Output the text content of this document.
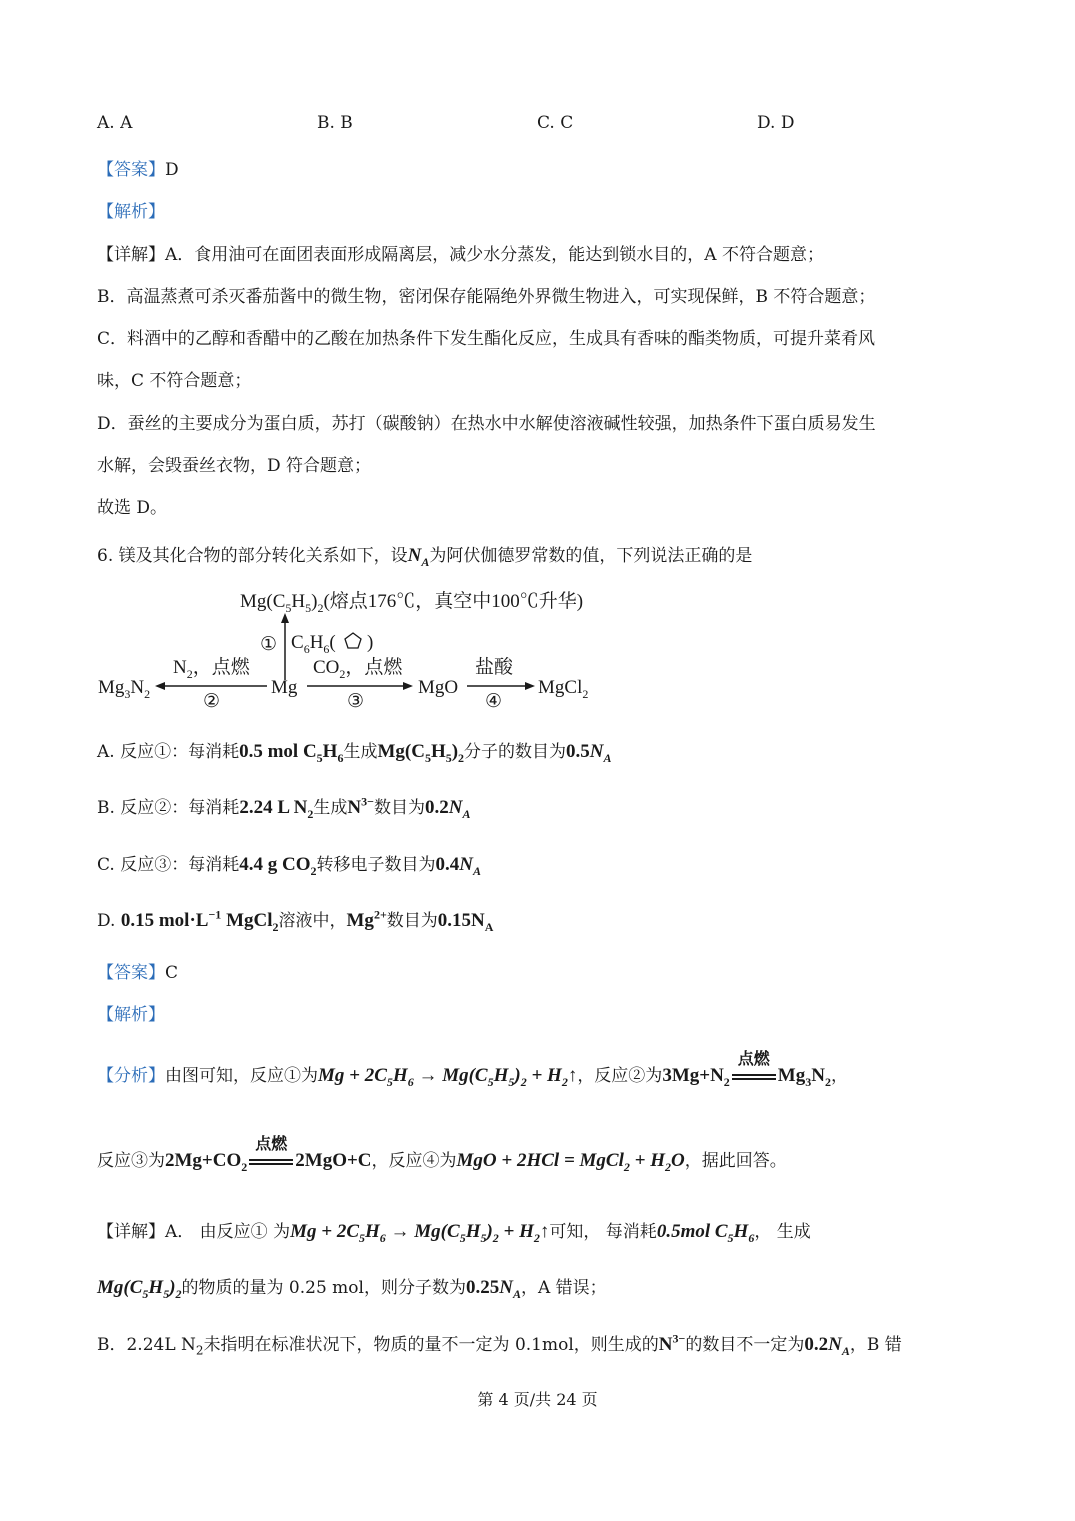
A. A	B. B	C. C	D. D
【答案】D
【解析】
【详解】A．食用油可在面团表面形成隔离层，减少水分蒸发，能达到锁水目的，A 不符合题意；
B．高温蒸煮可杀灭番茄酱中的微生物，密闭保存能隔绝外界微生物进入，可实现保鲜，B 不符合题意；
C．料酒中的乙醇和香醋中的乙酸在加热条件下发生酯化反应，生成具有香味的酯类物质，可提升菜肴风
味，C 不符合题意；
D．蚕丝的主要成分为蛋白质，苏打（碳酸钠）在热水中水解使溶液碱性较强，加热条件下蛋白质易发生
水解，会毁蚕丝衣物，D 符合题意；
故选 D。
6. 镁及其化合物的部分转化关系如下，设$N_A$为阿伏伽德罗常数的值，下列说法正确的是
$Mg(C_5H_5)_2$(熔点176℃，真空中100℃升华)
① $C_6H_6$( )
$Mg_3N_2$
$N_2$，点燃
②
Mg
$CO_2$，点燃
③
MgO
盐酸
④
MgCl$_2$
A. 反应①：每消耗0.5 mol $C_5H_6$生成$Mg(C_5H_5)_2$分子的数目为$0.5N_A$
B. 反应②：每消耗2.24 L $N_2$生成$N^{3-}$数目为$0.2N_A$
C. 反应③：每消耗4.4 g $CO_2$转移电子数目为$0.4N_A$
D. 0.15 $mol\cdot L^{-1}$ MgCl$_2$溶液中，$Mg^{2+}$数目为$0.15N_A$
【答案】C
【解析】
【分析】由图可知，反应①为$Mg + 2C_5H_6 \to Mg(C_5H_5)_2$ + $H_2↑$，反应②为$3Mg+N_2$
点燃
$Mg_3N_2$，
反应③为$2Mg+CO_2$
点燃
2MgO+C，反应④为MgO + 2HCl = MgCl$_2$ + $H_2O$，据此回答。
【详解】A． 由反应① 为$Mg + 2C_5H_6 \to Mg(C_5H_5)_2$ + $H_2↑$可知， 每消耗0.5mol $C_5H_6$， 生成
$Mg(C_5H_5)_2$的物质的量为 0.25 mol，则分子数为$0.25N_A$，A 错误；
B．2.24L $N_2$未指明在标准状况下，物质的量不一定为 0.1mol，则生成的$N^{3-}$的数目不一定为$0.2N_A$，B 错
第 4 页/共 24 页
